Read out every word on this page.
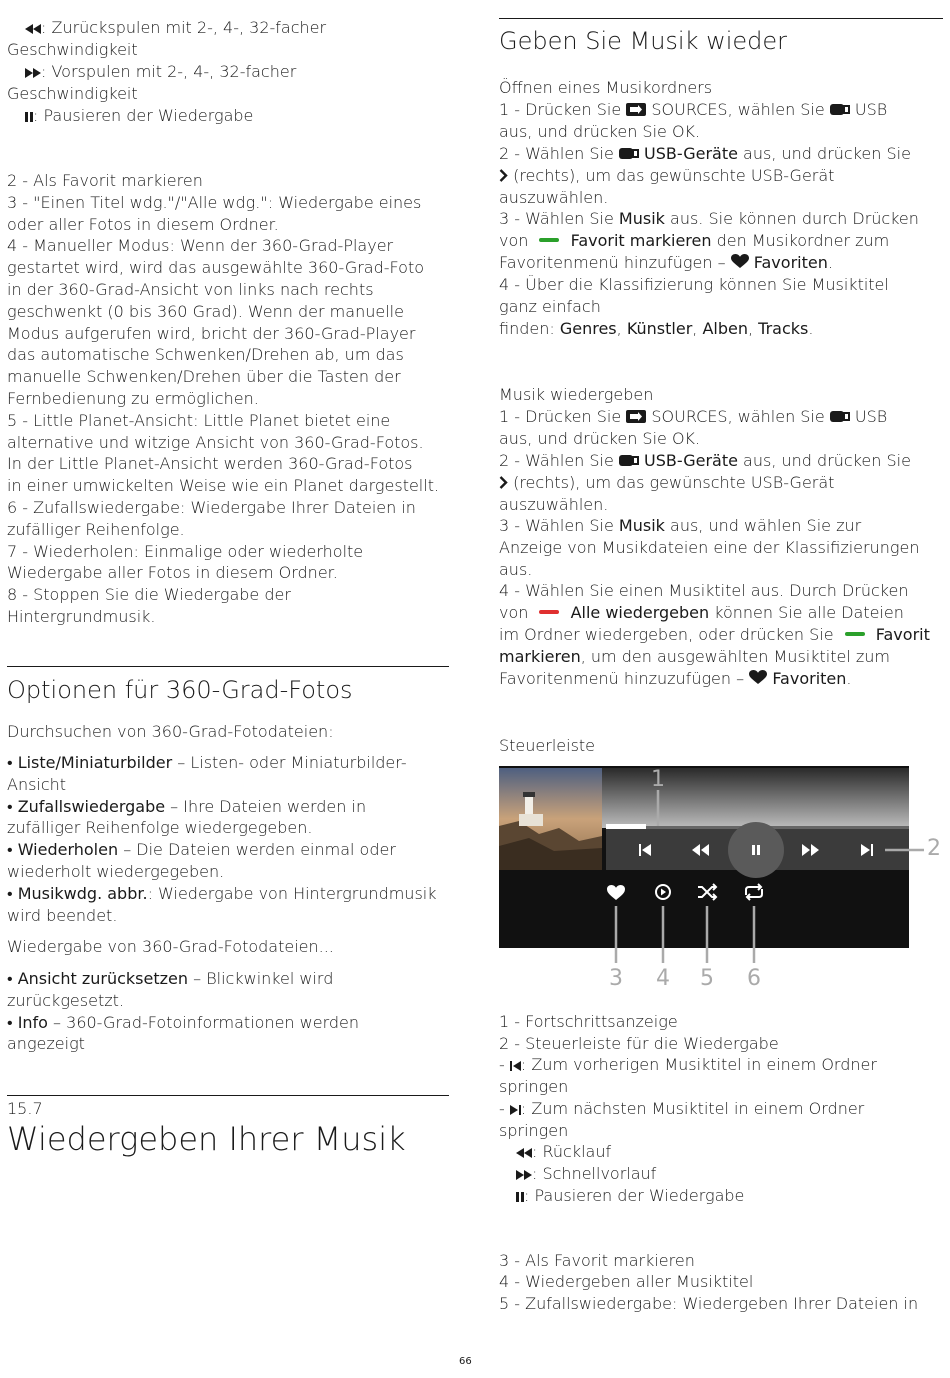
: Zurückspulen mit 2-, 4-, 32-facher
Geschwindigkeit
: Vorspulen mit 2-, 4-, 32-facher
Geschwindigkeit
: Pausieren der Wiedergabe
2 - Als Favorit markieren
3 - "Einen Titel wdg."/"Alle wdg.": Wiedergabe eines
oder aller Fotos in diesem Ordner.
4 - Manueller Modus: Wenn der 360-Grad-Player
gestartet wird, wird das ausgewählte 360-Grad-Foto
in der 360-Grad-Ansicht von links nach rechts
geschwenkt (0 bis 360 Grad). Wenn der manuelle
Modus aufgerufen wird, bricht der 360-Grad-Player
das automatische Schwenken/Drehen ab, um das
manuelle Schwenken/Drehen über die Tasten der
Fernbedienung zu ermöglichen.
5 - Little Planet-Ansicht: Little Planet bietet eine
alternative und witzige Ansicht von 360-Grad-Fotos.
In der Little Planet-Ansicht werden 360-Grad-Fotos
in einer umwickelten Weise wie ein Planet dargestellt.
6 - Zufallswiedergabe: Wiedergabe Ihrer Dateien in
zufälliger Reihenfolge.
7 - Wiederholen: Einmalige oder wiederholte
Wiedergabe aller Fotos in diesem Ordner.
8 - Stoppen Sie die Wiedergabe der
Hintergrundmusik.
Optionen für 360-Grad-Fotos
Durchsuchen von 360-Grad-Fotodateien:
• Liste/Miniaturbilder – Listen- oder Miniaturbilder-
Ansicht
• Zufallswiedergabe – Ihre Dateien werden in
zufälliger Reihenfolge wiedergegeben.
• Wiederholen – Die Dateien werden einmal oder
wiederholt wiedergegeben.
• Musikwdg. abbr.: Wiedergabe von Hintergrundmusik
wird beendet.
Wiedergabe von 360-Grad-Fotodateien...
• Ansicht zurücksetzen – Blickwinkel wird
zurückgesetzt.
• Info – 360-Grad-Fotoinformationen werden
angezeigt
15.7
Wiedergeben Ihrer Musik
Geben Sie Musik wieder
Öffnen eines Musikordners
1 - Drücken Sie  SOURCES, wählen Sie  USB
aus, und drücken Sie OK.
2 - Wählen Sie  USB-Geräte aus, und drücken Sie
(rechts), um das gewünschte USB-Gerät
auszuwählen.
3 - Wählen Sie Musik aus. Sie können durch Drücken
von  Favorit markieren den Musikordner zum
Favoritenmenü hinzufügen –  Favoriten.
4 - Über die Klassifizierung können Sie Musiktitel
ganz einfach
finden: Genres, Künstler, Alben, Tracks.
Musik wiedergeben
1 - Drücken Sie  SOURCES, wählen Sie  USB
aus, und drücken Sie OK.
2 - Wählen Sie  USB-Geräte aus, und drücken Sie
(rechts), um das gewünschte USB-Gerät
auszuwählen.
3 - Wählen Sie Musik aus, und wählen Sie zur
Anzeige von Musikdateien eine der Klassifizierungen
aus.
4 - Wählen Sie einen Musiktitel aus. Durch Drücken
von  Alle wiedergeben können Sie alle Dateien
im Ordner wiedergeben, oder drücken Sie  Favorit
markieren, um den ausgewählten Musiktitel zum
Favoritenmenü hinzuzufügen –  Favoriten.
Steuerleiste
1
2
3 4 5 6
1 - Fortschrittsanzeige
2 - Steuerleiste für die Wiedergabe
- : Zum vorherigen Musiktitel in einem Ordner
springen
- : Zum nächsten Musiktitel in einem Ordner
springen
: Rücklauf
: Schnellvorlauf
: Pausieren der Wiedergabe
3 - Als Favorit markieren
4 - Wiedergeben aller Musiktitel
5 - Zufallswiedergabe: Wiedergeben Ihrer Dateien in
66
